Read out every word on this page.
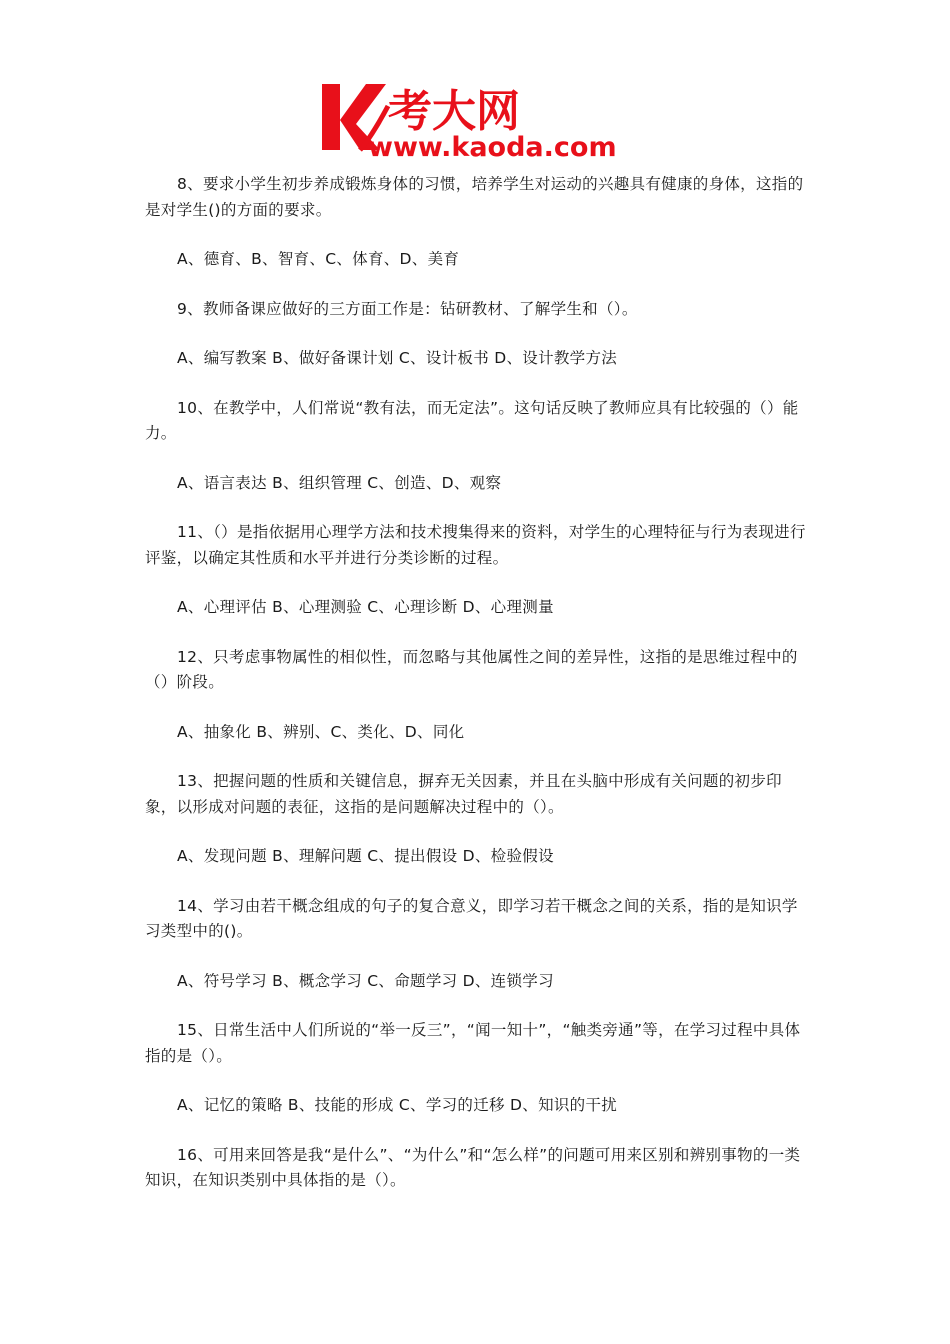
考大网
www.kaoda.com

8、要求小学生初步养成锻炼身体的习惯，培养学生对运动的兴趣具有健康的身体，这指的是对学生()的方面的要求。

A、德育、B、智育、C、体育、D、美育

9、教师备课应做好的三方面工作是：钻研教材、了解学生和（）。

A、编写教案 B、做好备课计划 C、设计板书 D、设计教学方法

10、在教学中，人们常说“教有法，而无定法”。这句话反映了教师应具有比较强的（）能力。

A、语言表达 B、组织管理 C、创造、D、观察

11、（）是指依据用心理学方法和技术搜集得来的资料，对学生的心理特征与行为表现进行评鉴，以确定其性质和水平并进行分类诊断的过程。

A、心理评估 B、心理测验 C、心理诊断 D、心理测量

12、只考虑事物属性的相似性，而忽略与其他属性之间的差异性，这指的是思维过程中的（）阶段。

A、抽象化 B、辨别、C、类化、D、同化

13、把握问题的性质和关键信息，摒弃无关因素，并且在头脑中形成有关问题的初步印象，以形成对问题的表征，这指的是问题解决过程中的（）。

A、发现问题 B、理解问题 C、提出假设 D、检验假设

14、学习由若干概念组成的句子的复合意义，即学习若干概念之间的关系，指的是知识学习类型中的()。

A、符号学习 B、概念学习 C、命题学习 D、连锁学习

15、日常生活中人们所说的“举一反三”，“闻一知十”，“触类旁通”等，在学习过程中具体指的是（）。

A、记忆的策略 B、技能的形成 C、学习的迁移 D、知识的干扰

16、可用来回答是我“是什么”、“为什么”和“怎么样”的问题可用来区别和辨别事物的一类知识，在知识类别中具体指的是（）。
